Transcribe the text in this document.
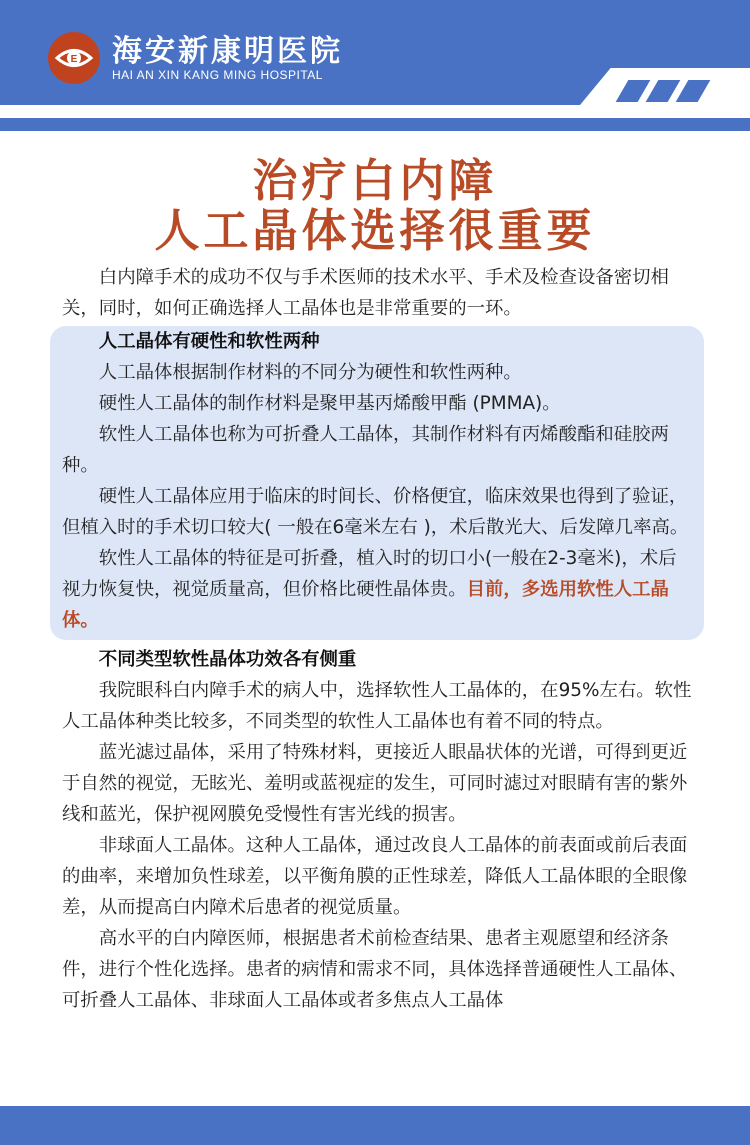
E 海安新康明医院
HAI AN XIN KANG MING HOSPITAL
治疗白内障
人工晶体选择很重要

白内障手术的成功不仅与手术医师的技术水平、手术及检查设备密切相关，同时，如何正确选择人工晶体也是非常重要的一环。

人工晶体有硬性和软性两种

人工晶体根据制作材料的不同分为硬性和软性两种。

硬性人工晶体的制作材料是聚甲基丙烯酸甲酯 (PMMA)。

软性人工晶体也称为可折叠人工晶体，其制作材料有丙烯酸酯和硅胶两种。

硬性人工晶体应用于临床的时间长、价格便宜，临床效果也得到了验证，但植入时的手术切口较大( 一般在6毫米左右 )，术后散光大、后发障几率高。

软性人工晶体的特征是可折叠，植入时的切口小(一般在2-3毫米)，术后视力恢复快，视觉质量高，但价格比硬性晶体贵。目前，多选用软性人工晶体。

不同类型软性晶体功效各有侧重

我院眼科白内障手术的病人中，选择软性人工晶体的，在95%左右。软性人工晶体种类比较多，不同类型的软性人工晶体也有着不同的特点。

蓝光滤过晶体，采用了特殊材料，更接近人眼晶状体的光谱，可得到更近于自然的视觉，无眩光、羞明或蓝视症的发生，可同时滤过对眼睛有害的紫外线和蓝光，保护视网膜免受慢性有害光线的损害。

非球面人工晶体。这种人工晶体，通过改良人工晶体的前表面或前后表面的曲率，来增加负性球差，以平衡角膜的正性球差，降低人工晶体眼的全眼像差，从而提高白内障术后患者的视觉质量。

高水平的白内障医师，根据患者术前检查结果、患者主观愿望和经济条件，进行个性化选择。患者的病情和需求不同，具体选择普通硬性人工晶体、可折叠人工晶体、非球面人工晶体或者多焦点人工晶体
